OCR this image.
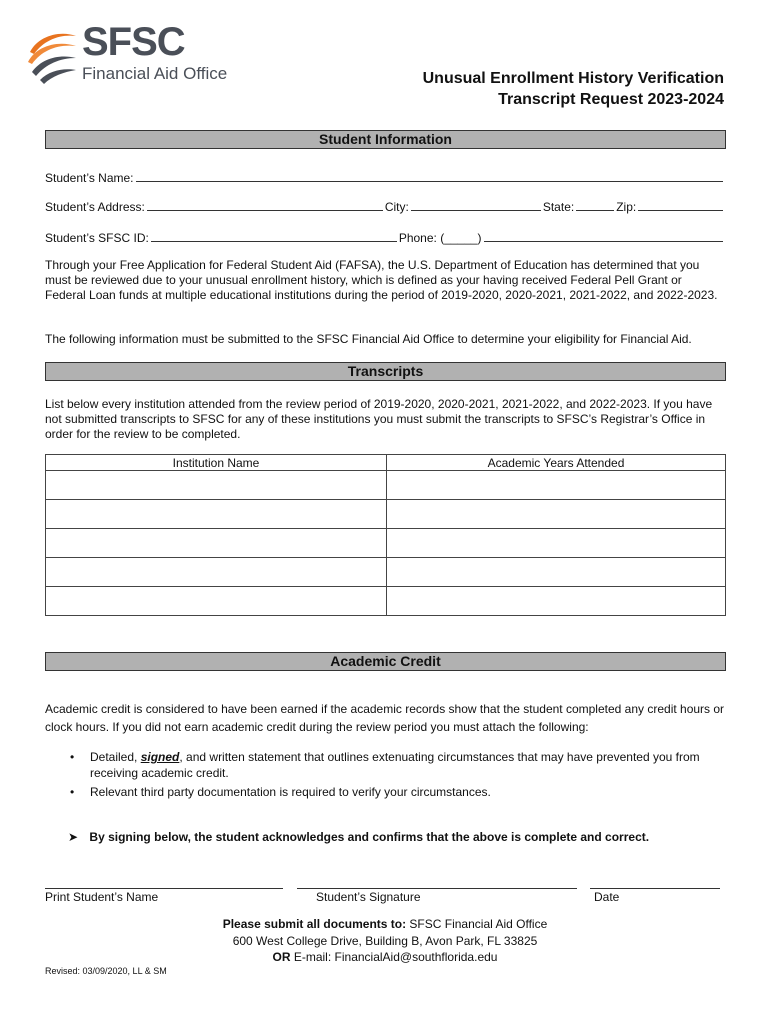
SFSC
Financial Aid Office	Unusual Enrollment History Verification
Transcript Request 2023-2024
Student Information
Student’s Name:
Student’s Address:	City:	State:	Zip:
Student’s SFSC ID:	Phone: (_____)
Through your Free Application for Federal Student Aid (FAFSA), the U.S. Department of Education has determined that you must be reviewed due to your unusual enrollment history, which is defined as your having received Federal Pell Grant or Federal Loan funds at multiple educational institutions during the period of 2019-2020, 2020-2021, 2021-2022, and 2022-2023.
The following information must be submitted to the SFSC Financial Aid Office to determine your eligibility for Financial Aid.
Transcripts
List below every institution attended from the review period of 2019-2020, 2020-2021, 2021-2022, and 2022-2023. If you have not submitted transcripts to SFSC for any of these institutions you must submit the transcripts to SFSC’s Registrar’s Office in order for the review to be completed.
Institution Name	Academic Years Attended

Academic Credit
Academic credit is considered to have been earned if the academic records show that the student completed any credit hours or clock hours. If you did not earn academic credit during the review period you must attach the following:
• Detailed, signed, and written statement that outlines extenuating circumstances that may have prevented you from receiving academic credit.
• Relevant third party documentation is required to verify your circumstances.
➤ By signing below, the student acknowledges and confirms that the above is complete and correct.
Print Student’s Name	Student’s Signature	Date
Please submit all documents to: SFSC Financial Aid Office
600 West College Drive, Building B, Avon Park, FL 33825
OR E-mail: FinancialAid@southflorida.edu
Revised: 03/09/2020, LL & SM
